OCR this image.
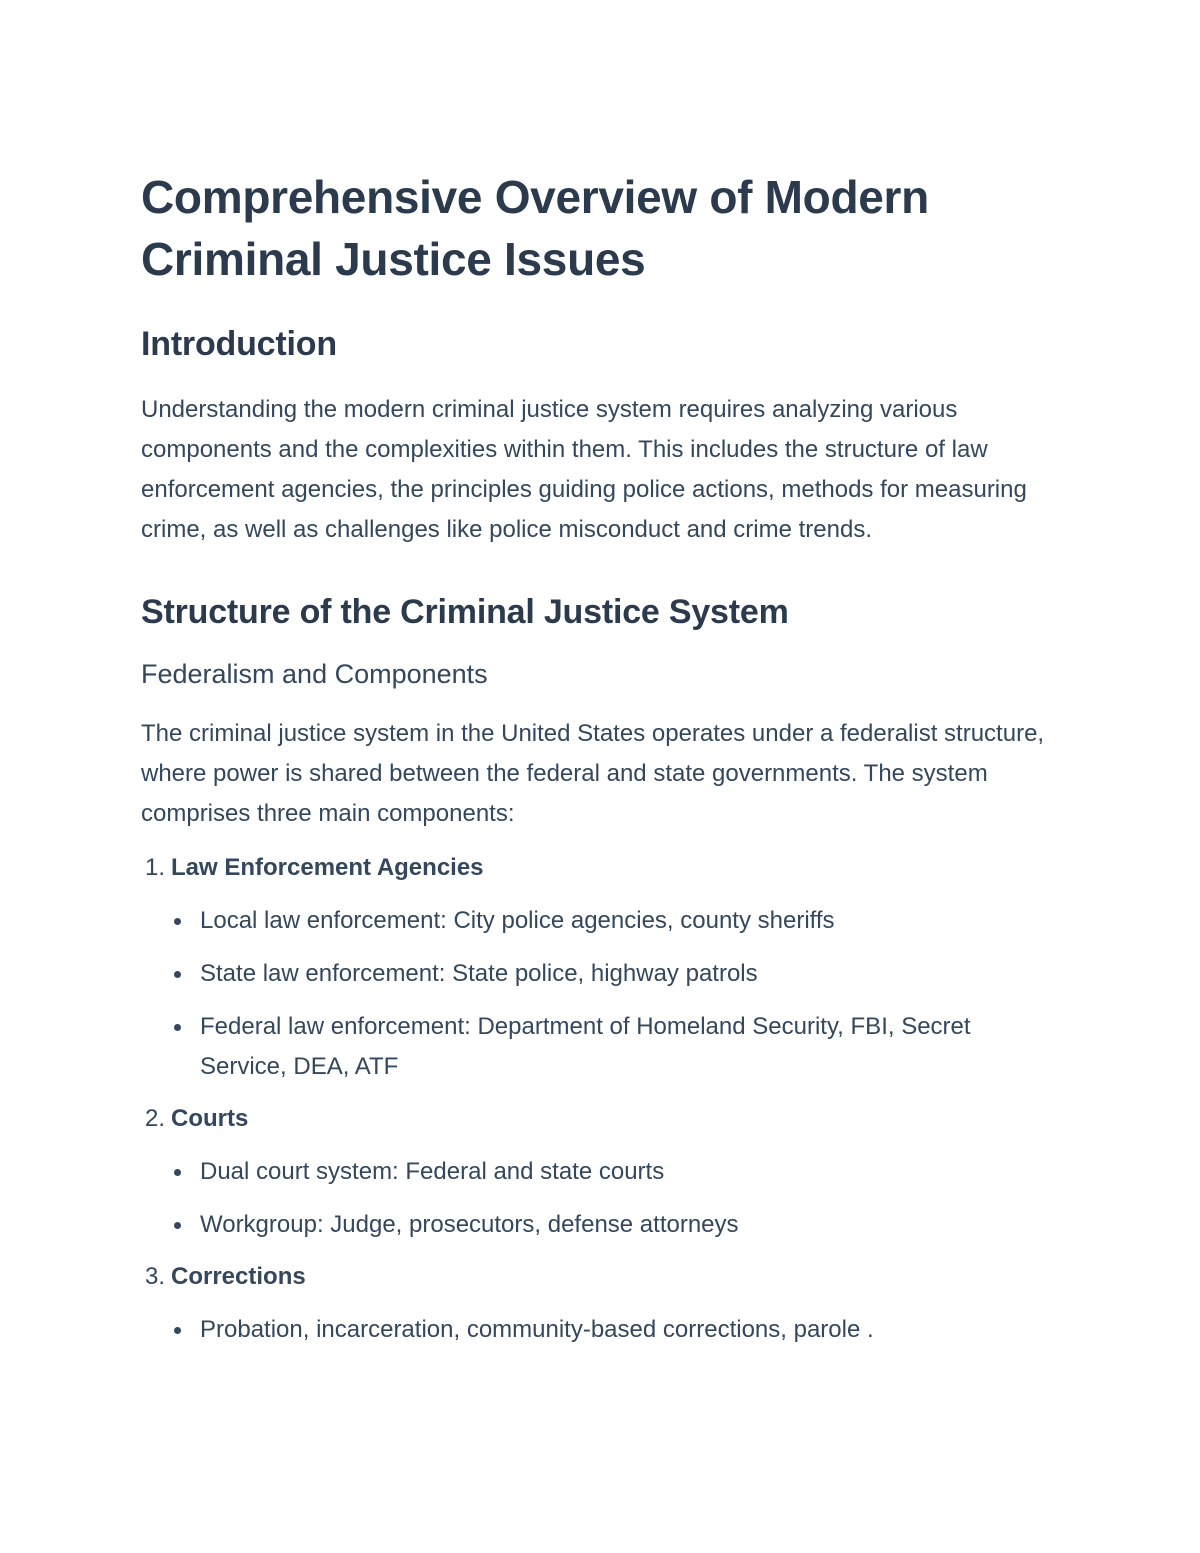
Comprehensive Overview of Modern Criminal Justice Issues
Introduction

Understanding the modern criminal justice system requires analyzing various components and the complexities within them. This includes the structure of law enforcement agencies, the principles guiding police actions, methods for measuring crime, as well as challenges like police misconduct and crime trends.

Structure of the Criminal Justice System
Federalism and Components

The criminal justice system in the United States operates under a federalist structure, where power is shared between the federal and state governments. The system comprises three main components:

1. Law Enforcement Agencies
Local law enforcement: City police agencies, county sheriffs
State law enforcement: State police, highway patrols
Federal law enforcement: Department of Homeland Security, FBI, Secret Service, DEA, ATF
2. Courts
Dual court system: Federal and state courts
Workgroup: Judge, prosecutors, defense attorneys
3. Corrections
Probation, incarceration, community-based corrections, parole .
